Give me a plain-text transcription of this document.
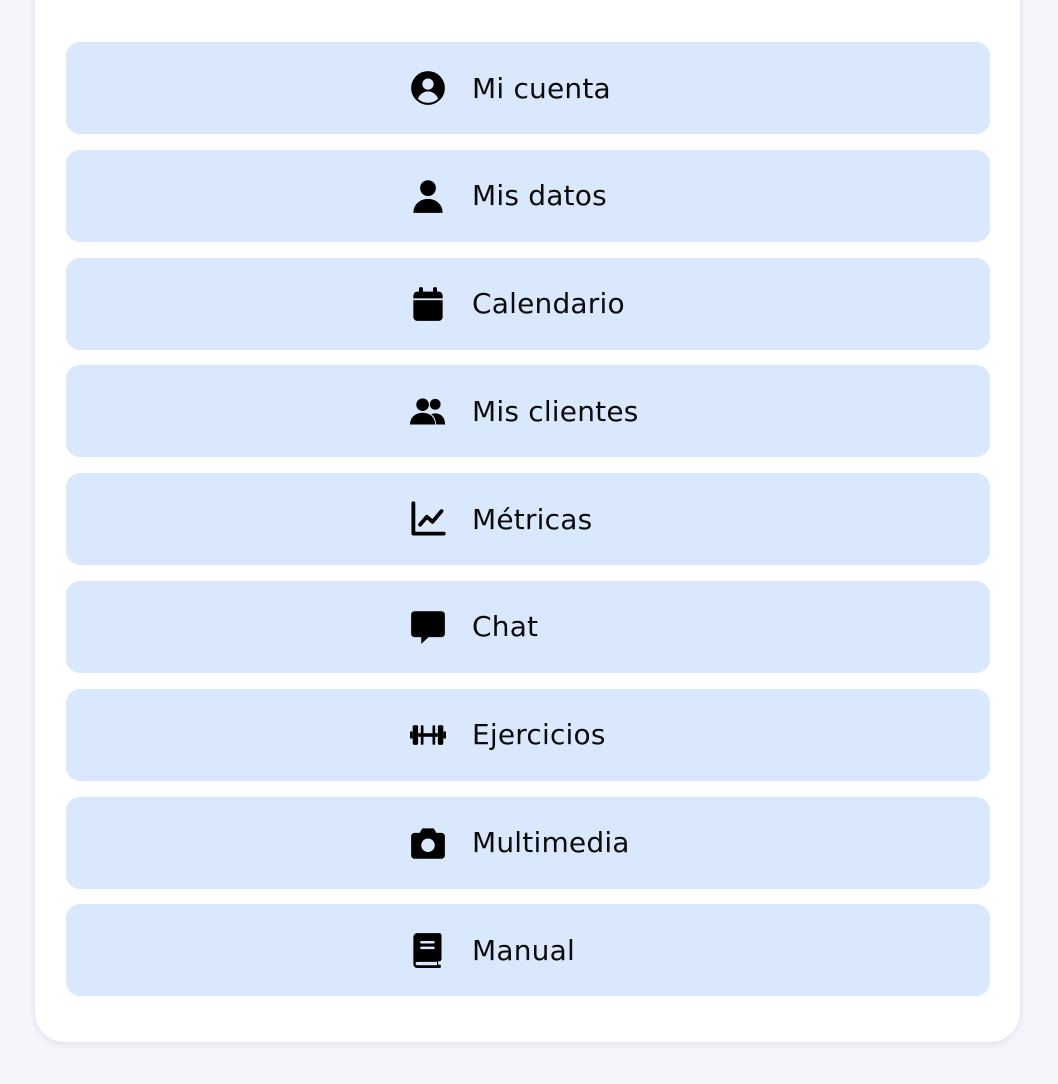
Mi cuenta
Mis datos
Calendario
Mis clientes
Métricas
Chat
Ejercicios
Multimedia
Manual
